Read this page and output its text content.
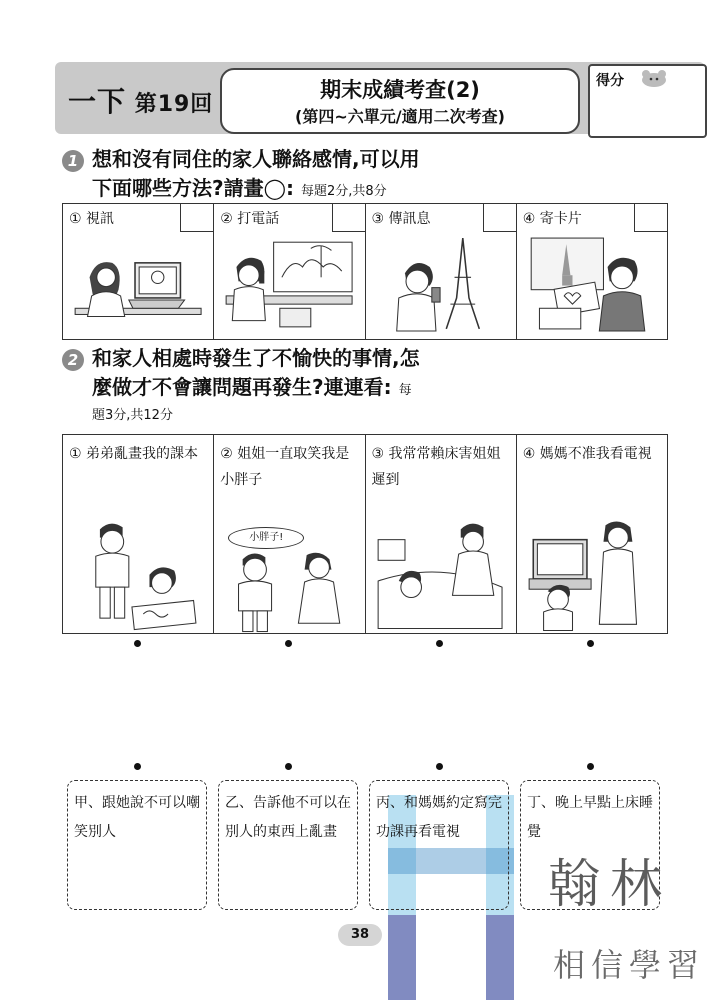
一下 第19回
期末成績考查(2)
(第四~六單元/適用二次考查)
得分
1 想和沒有同住的家人聯絡感情,可以用
下面哪些方法?請畫◯: 每題2分,共8分
① 視訊	② 打電話	③ 傳訊息	④ 寄卡片
2 和家人相處時發生了不愉快的事情,怎
麼做才不會讓問題再發生?連連看: 每
題3分,共12分
① 弟弟亂畫我的課本	② 姐姐一直取笑我是小胖子
小胖子!
③ 我常常賴床害姐姐遲到
④ 媽媽不准我看電視
甲、跟她說不可以嘲笑別人
乙、告訴他不可以在別人的東西上亂畫
丙、和媽媽約定寫完功課再看電視
丁、晚上早點上床睡覺
38
翰林
相信學習
